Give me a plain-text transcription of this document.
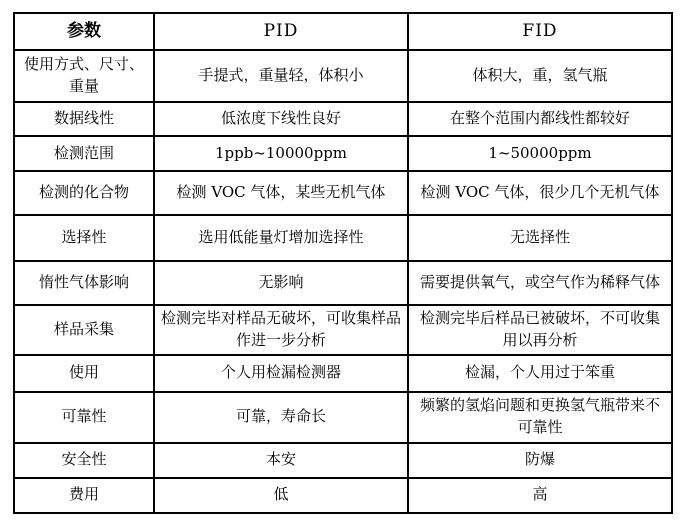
参数	PID	FID
使用方式、尺寸、重量	手提式，重量轻，体积小	体积大，重，氢气瓶
数据线性	低浓度下线性良好	在整个范围内都线性都较好
检测范围	1ppb~10000ppm	1~50000ppm
检测的化合物	检测 VOC 气体，某些无机气体	检测 VOC 气体，很少几个无机气体
选择性	选用低能量灯增加选择性	无选择性
惰性气体影响	无影响	需要提供氧气，或空气作为稀释气体
样品采集	检测完毕对样品无破坏，可收集样品作进一步分析	检测完毕后样品已被破坏，不可收集用以再分析
使用	个人用检漏检测器	检漏，个人用过于笨重
可靠性	可靠，寿命长	频繁的氢焰问题和更换氢气瓶带来不可靠性
安全性	本安	防爆
费用	低	高
